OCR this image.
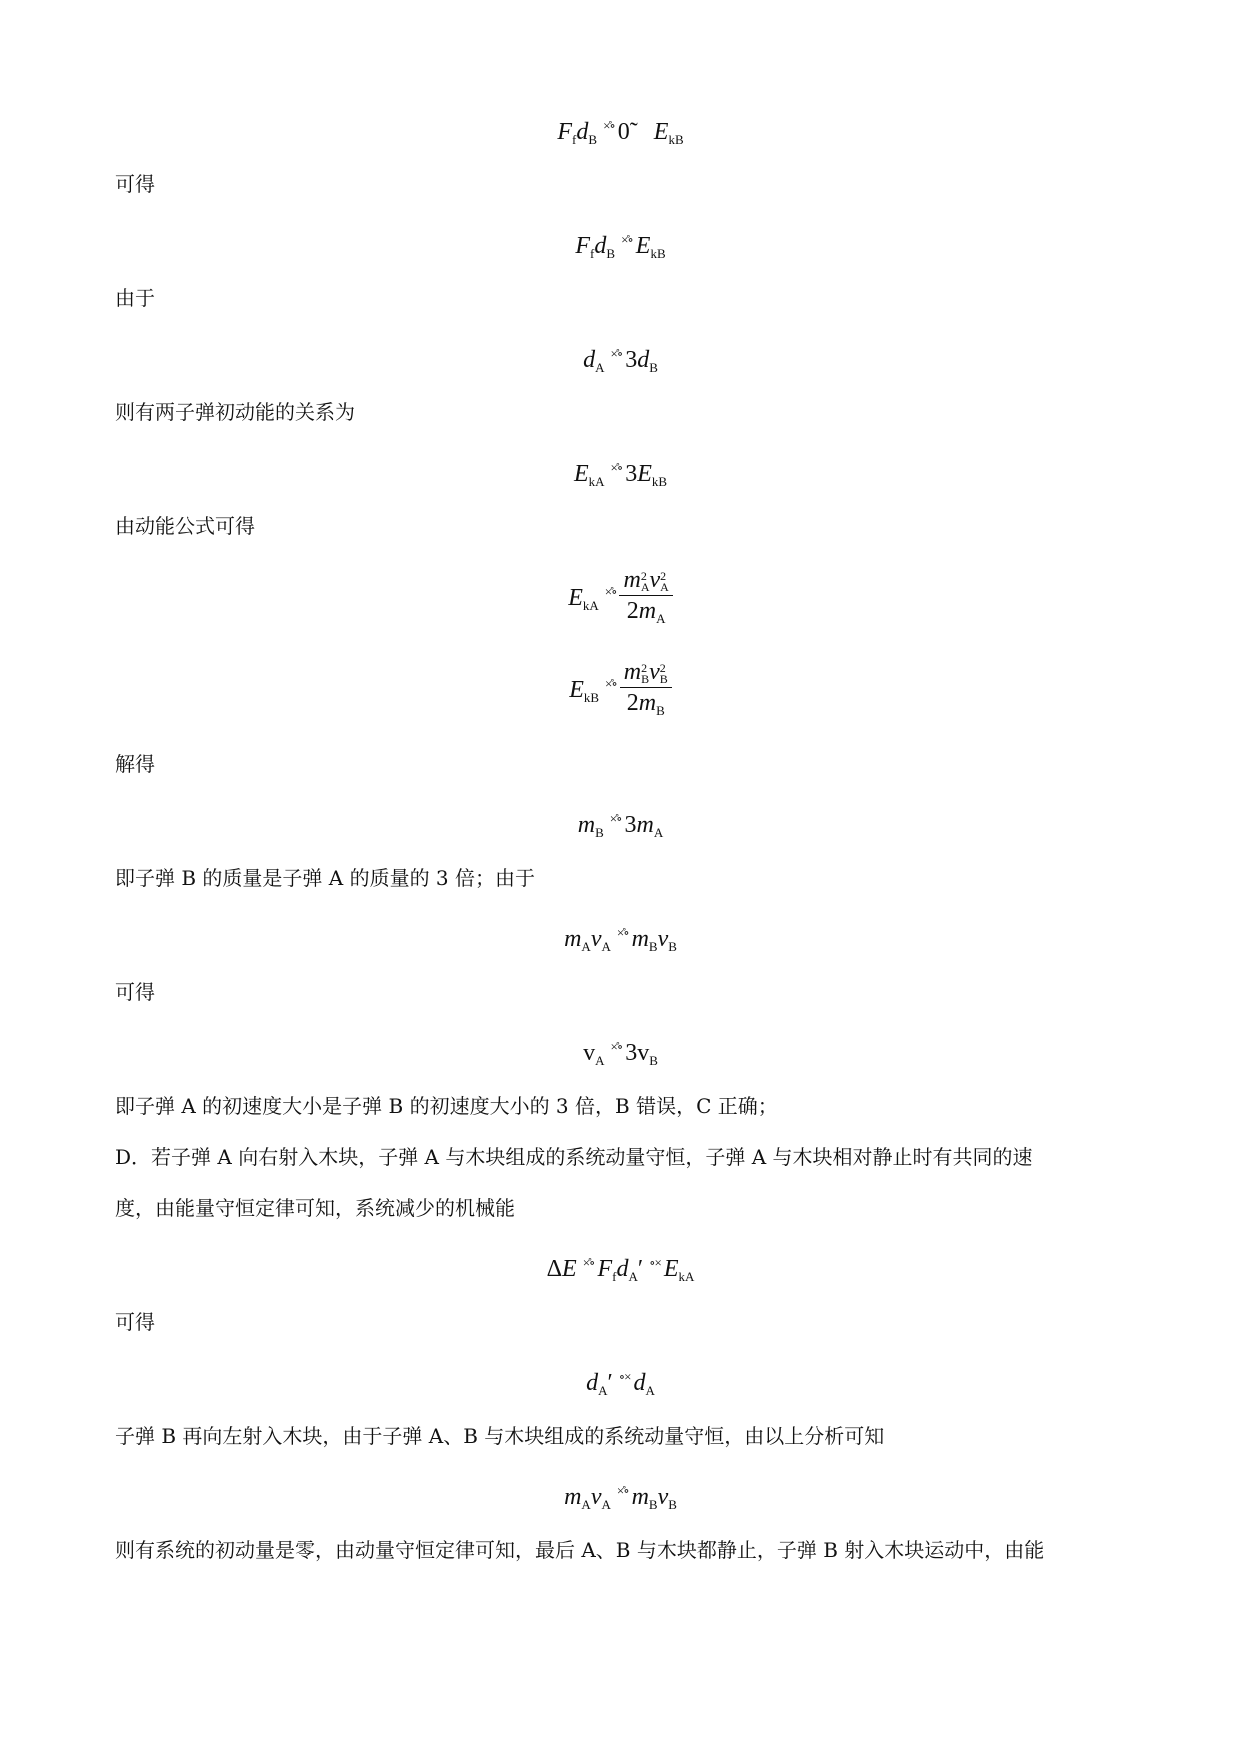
$F_fd_B^{\times̊\circ}$ 0̃ $E_{kB}$
可得
$F_fd_B^{\times̊\circ}$ $E_{kB}$
由于
$d_A^{\times̊\circ}$ $3d_B$
则有两子弹初动能的关系为
$E_{kA}^{\times̊\circ}$ $3E_{kB}$
由动能公式可得
$E_{kA}^{\times̊\circ}$ m 2
A v 2
A
$2m_A$
$E_{kB}^{\times̊\circ}$ m 2
B v 2
B
$2m_B$
解得
$m_B^{\times̊\circ}$ $3m_A$
即子弹 B 的质量是子弹 A 的质量的 3 倍；由于
$m_Av_A^{\times̊\circ}$ $m_Bv_B$
可得
$v_A^{\times̊\circ}$ $3v_B$
即子弹 A 的初速度大小是子弹 B 的初速度大小的 3 倍，B 错误，C 正确；
D．若子弹 A 向右射入木块，子弹 A 与木块组成的系统动量守恒，子弹 A 与木块相对静止时有共同的速
度，由能量守恒定律可知，系统减少的机械能
ΔE ×̊∘ $F_fd_A'$ ∘× $E_{kA}$
可得
$d_A'$ ∘× $d_A$
子弹 B 再向左射入木块，由于子弹 A、B 与木块组成的系统动量守恒，由以上分析可知
$m_Av_A^{\times̊\circ}$ $m_Bv_B$
则有系统的初动量是零，由动量守恒定律可知，最后 A、B 与木块都静止，子弹 B 射入木块运动中，由能
